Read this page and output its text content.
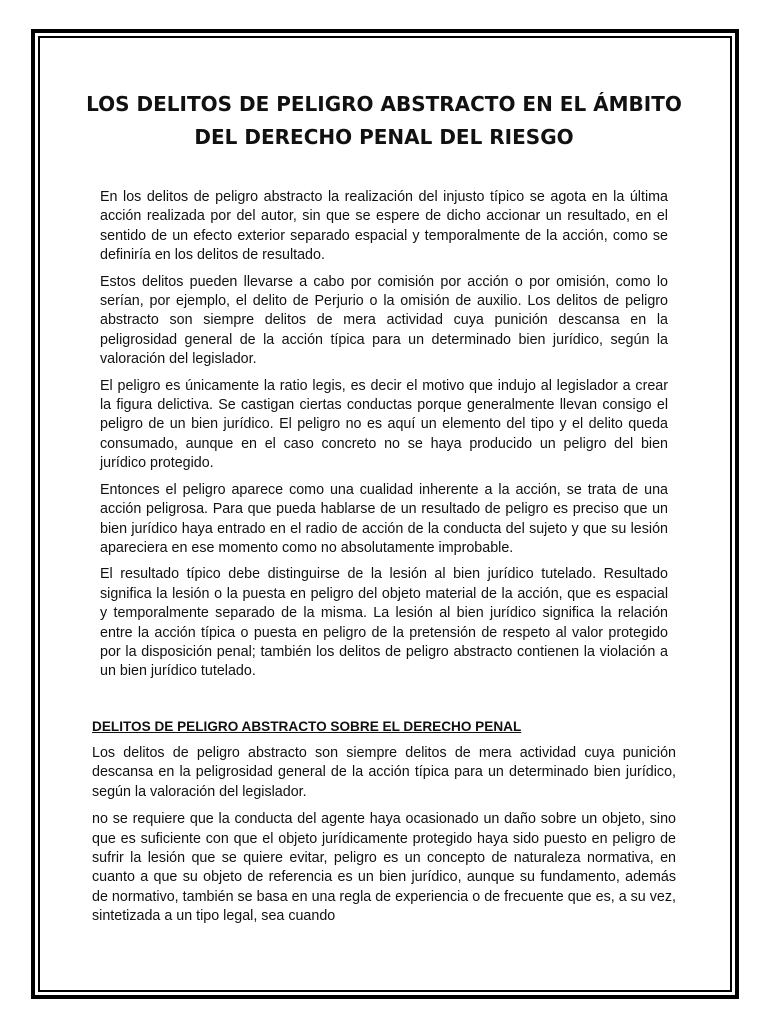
LOS DELITOS DE PELIGRO ABSTRACTO EN EL ÁMBITO
DEL DERECHO PENAL DEL RIESGO

En los delitos de peligro abstracto la realización del injusto típico se agota en la última acción realizada por del autor, sin que se espere de dicho accionar un resultado, en el sentido de un efecto exterior separado espacial y temporalmente de la acción, como se definiría en los delitos de resultado.

Estos delitos pueden llevarse a cabo por comisión por acción o por omisión, como lo serían, por ejemplo, el delito de Perjurio o la omisión de auxilio. Los delitos de peligro abstracto son siempre delitos de mera actividad cuya punición descansa en la peligrosidad general de la acción típica para un determinado bien jurídico, según la valoración del legislador.

El peligro es únicamente la ratio legis, es decir el motivo que indujo al legislador a crear la figura delictiva. Se castigan ciertas conductas porque generalmente llevan consigo el peligro de un bien jurídico. El peligro no es aquí un elemento del tipo y el delito queda consumado, aunque en el caso concreto no se haya producido un peligro del bien jurídico protegido.

Entonces el peligro aparece como una cualidad inherente a la acción, se trata de una acción peligrosa. Para que pueda hablarse de un resultado de peligro es preciso que un bien jurídico haya entrado en el radio de acción de la conducta del sujeto y que su lesión apareciera en ese momento como no absolutamente improbable.

El resultado típico debe distinguirse de la lesión al bien jurídico tutelado. Resultado significa la lesión o la puesta en peligro del objeto material de la acción, que es espacial y temporalmente separado de la misma. La lesión al bien jurídico significa la relación entre la acción típica o puesta en peligro de la pretensión de respeto al valor protegido por la disposición penal; también los delitos de peligro abstracto contienen la violación a un bien jurídico tutelado.

DELITOS DE PELIGRO ABSTRACTO SOBRE EL DERECHO PENAL

Los delitos de peligro abstracto son siempre delitos de mera actividad cuya punición descansa en la peligrosidad general de la acción típica para un determinado bien jurídico, según la valoración del legislador.

no se requiere que la conducta del agente haya ocasionado un daño sobre un objeto, sino que es suficiente con que el objeto jurídicamente protegido haya sido puesto en peligro de sufrir la lesión que se quiere evitar, peligro es un concepto de naturaleza normativa, en cuanto a que su objeto de referencia es un bien jurídico, aunque su fundamento, además de normativo, también se basa en una regla de experiencia o de frecuente que es, a su vez, sintetizada a un tipo legal, sea cuando
